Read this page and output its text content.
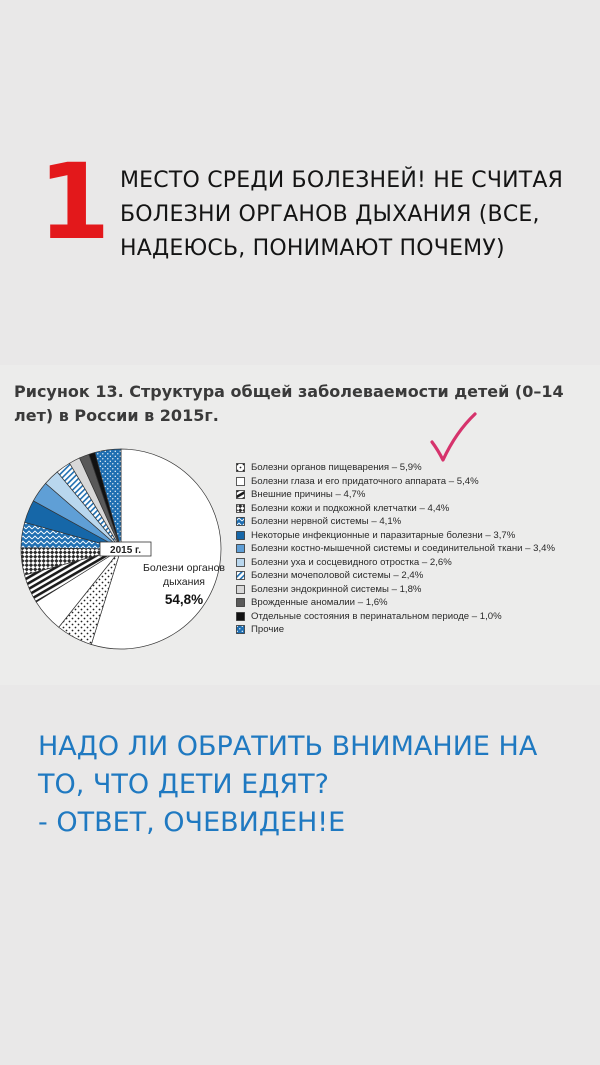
1 МЕСТО СРЕДИ БОЛЕЗНЕЙ! НЕ СЧИТАЯ
БОЛЕЗНИ ОРГАНОВ ДЫХАНИЯ (ВСЕ,
НАДЕЮСЬ, ПОНИМАЮТ ПОЧЕМУ)
Рисунок 13. Структура общей заболеваемости детей (0–14
лет) в России в 2015г.
2015 г.
Болезни органов
дыхания
54,8%
Болезни органов пищеварения – 5,9%
Болезни глаза и его придаточного аппарата – 5,4%
Внешние причины – 4,7%
Болезни кожи и подкожной клетчатки – 4,4%
Болезни нервной системы – 4,1%
Некоторые инфекционные и паразитарные болезни – 3,7%
Болезни костно-мышечной системы и соединительной ткани – 3,4%
Болезни уха и сосцевидного отростка – 2,6%
Болезни мочеполовой системы – 2,4%
Болезни эндокринной системы – 1,8%
Врожденные аномалии – 1,6%
Отдельные состояния в перинатальном периоде – 1,0%
Прочие
НАДО ЛИ ОБРАТИТЬ ВНИМАНИЕ НА
ТО, ЧТО ДЕТИ ЕДЯТ?
- ОТВЕТ, ОЧЕВИДЕН!Е
